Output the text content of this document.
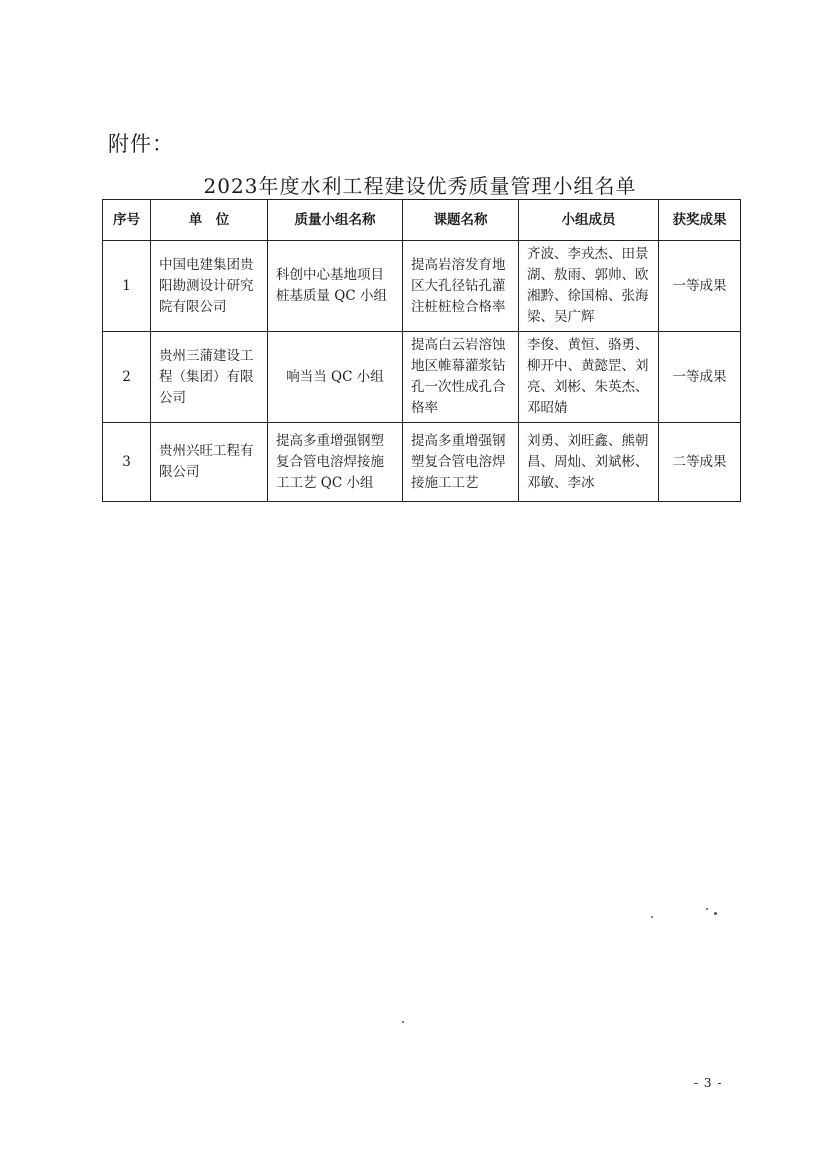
附件：
2023年度水利工程建设优秀质量管理小组名单
序号	单　位	质量小组名称	课题名称	小组成员	获奖成果
1	中国电建集团贵阳勘测设计研究院有限公司	科创中心基地项目桩基质量 QC 小组	提高岩溶发育地区大孔径钻孔灌注桩桩检合格率	齐波、李戎杰、田景湖、敖雨、郭帅、欧湘黔、徐国棉、张海梁、吴广辉	一等成果
2	贵州三蒲建设工程（集团）有限公司	响当当 QC 小组	提高白云岩溶蚀地区帷幕灌浆钻孔一次性成孔合格率	李俊、黄恒、骆勇、柳开中、黄懿罡、刘亮、刘彬、朱英杰、邓昭婧	一等成果
3	贵州兴旺工程有限公司	提高多重增强钢塑复合管电溶焊接施工工艺 QC 小组	提高多重增强钢塑复合管电溶焊接施工工艺	刘勇、刘旺鑫、熊朝昌、周灿、刘斌彬、邓敏、李冰	二等成果
- 3 -
